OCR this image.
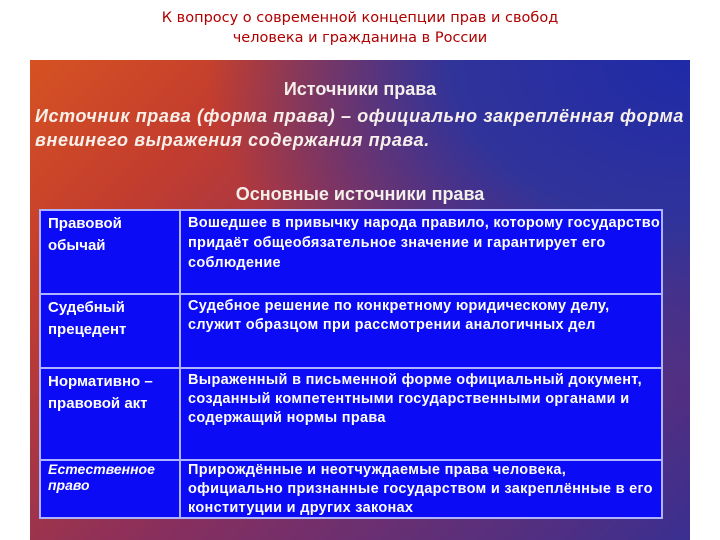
К вопросу о современной концепции прав и свобод
человека и гражданина в России
Источники права
Источник права (форма права) – официально закреплённая форма внешнего выражения содержания права.
Основные источники права
Правовой обычай
Вошедшее в привычку народа правило, которому государство придаёт общеобязательное значение и гарантирует его соблюдение
Судебный прецедент
Судебное решение по конкретному юридическому делу, служит образцом при рассмотрении аналогичных дел
Нормативно – правовой акт
Выраженный в письменной форме официальный документ, созданный компетентными государственными органами и содержащий нормы права
Естественное право
Прирождённые и неотчуждаемые права человека, официально признанные государством и закреплённые в его конституции и других законах
